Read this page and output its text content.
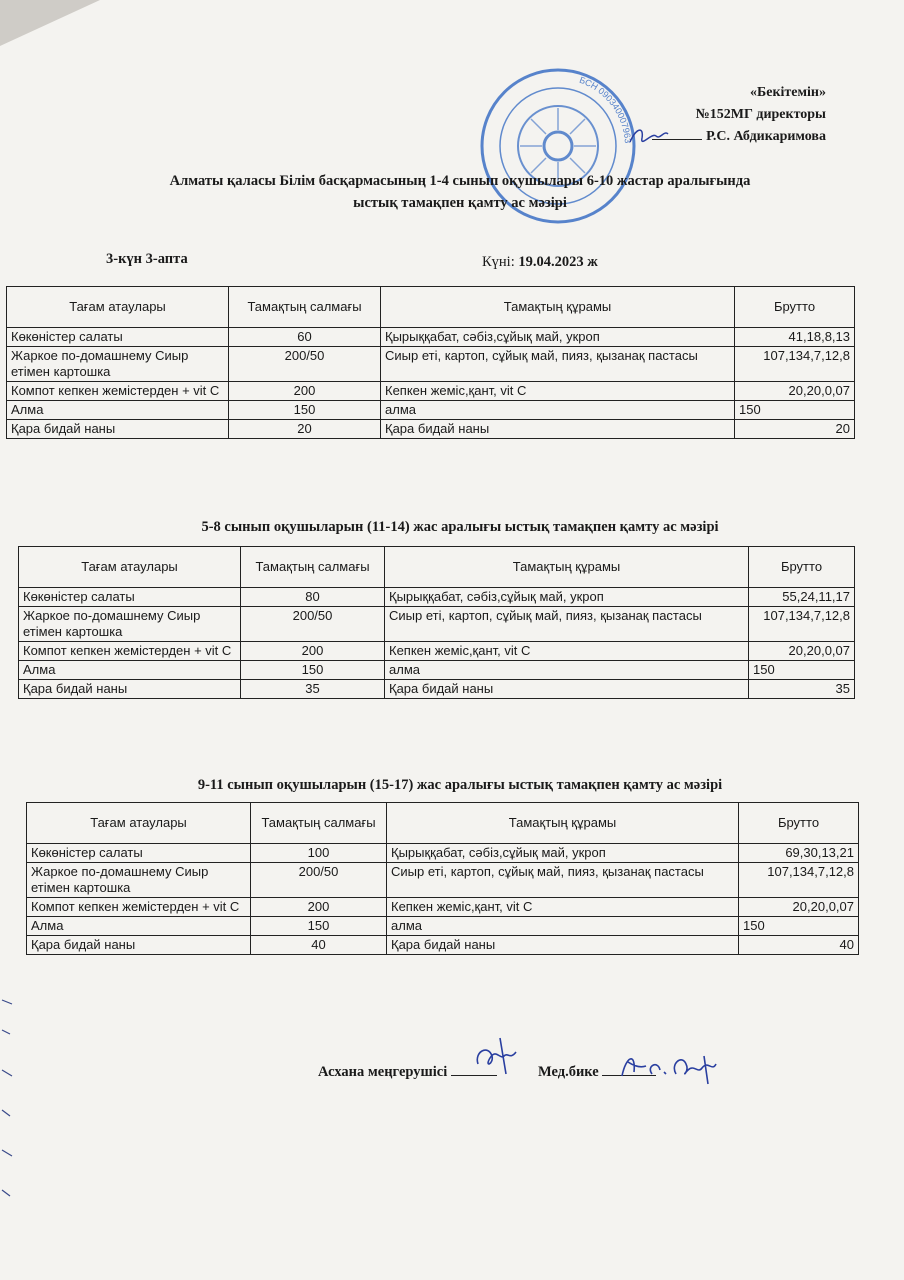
БСН 090340007963
«Бекітемін»
№152МГ директоры
Р.С. Абдикаримова
Алматы қаласы Білім басқармасының 1-4 сынып оқушылары 6-10 жастар аралығында
ыстық тамақпен қамту ас мәзірі
3-күн 3-апта	Күні: 19.04.2023 ж
Тағам атаулары	Тамақтың салмағы	Тамақтың құрамы	Брутто
Көкөністер салаты	60	Қырыққабат, сәбіз,сұйық май, укроп	41,18,8,13
Жаркое по-домашнему Сиыр етімен картошка	200/50	Сиыр еті, картоп, сұйық май, пияз, қызанақ пастасы	107,134,7,12,8
Компот кепкен жемістерден + vit C	200	Кепкен жеміс,қант, vit C	20,20,0,07
Алма	150	алма	150
Қара бидай наны	20	Қара бидай наны	20
5-8 сынып оқушыларын (11-14) жас аралығы ыстық тамақпен қамту ас мәзірі
Тағам атаулары	Тамақтың салмағы	Тамақтың құрамы	Брутто
Көкөністер салаты	80	Қырыққабат, сәбіз,сұйық май, укроп	55,24,11,17
Жаркое по-домашнему Сиыр етімен картошка	200/50	Сиыр еті, картоп, сұйық май, пияз, қызанақ пастасы	107,134,7,12,8
Компот кепкен жемістерден + vit C	200	Кепкен жеміс,қант, vit C	20,20,0,07
Алма	150	алма	150
Қара бидай наны	35	Қара бидай наны	35
9-11 сынып оқушыларын (15-17) жас аралығы ыстық тамақпен қамту ас мәзірі
Тағам атаулары	Тамақтың салмағы	Тамақтың құрамы	Брутто
Көкөністер салаты	100	Қырыққабат, сәбіз,сұйық май, укроп	69,30,13,21
Жаркое по-домашнему Сиыр етімен картошка	200/50	Сиыр еті, картоп, сұйық май, пияз, қызанақ пастасы	107,134,7,12,8
Компот кепкен жемістерден + vit C	200	Кепкен жеміс,қант, vit C	20,20,0,07
Алма	150	алма	150
Қара бидай наны	40	Қара бидай наны	40
Асхана меңгерушісі	Мед.бике
